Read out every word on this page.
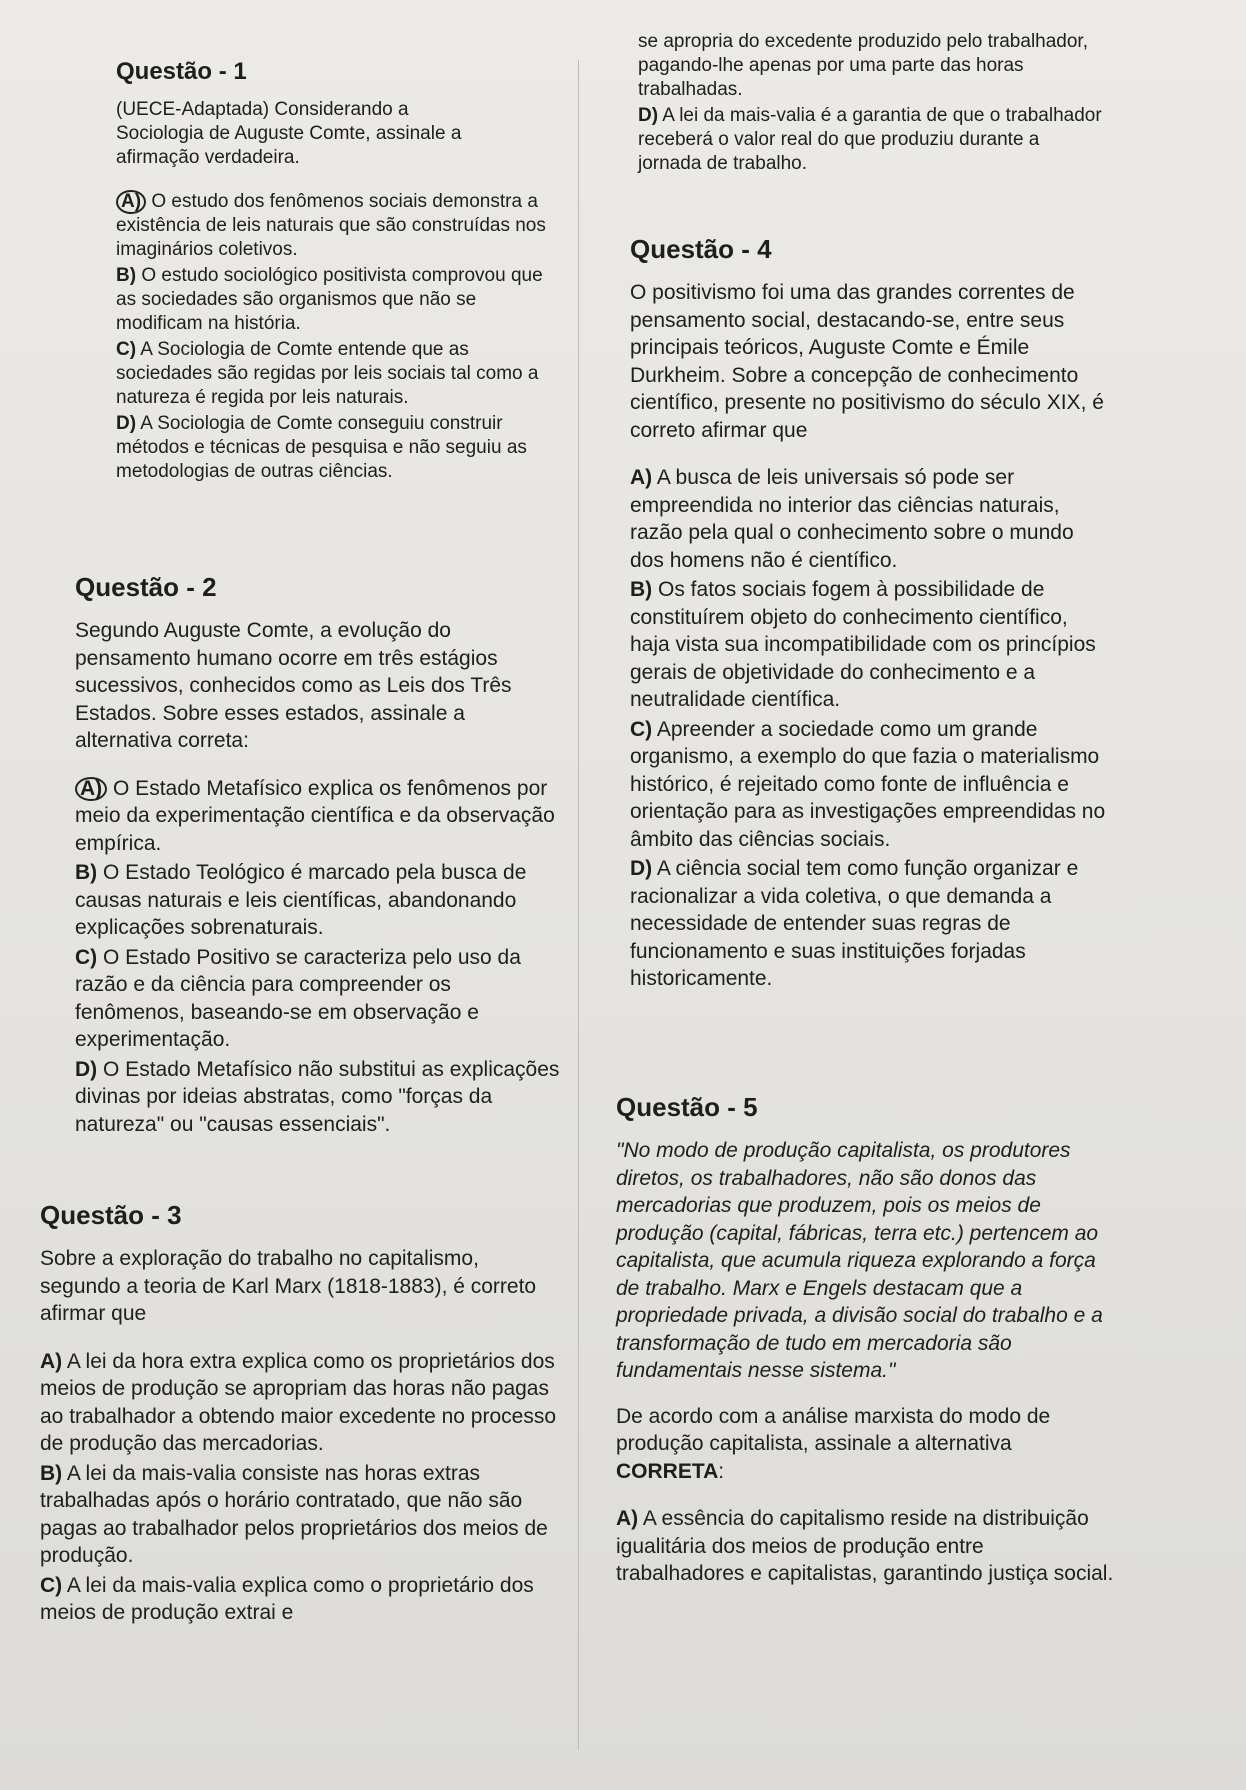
Questão - 1

(UECE-Adaptada) Considerando a

Sociologia de Auguste Comte, assinale a

afirmação verdadeira.

A) O estudo dos fenômenos sociais demonstra a existência de leis naturais que são construídas nos imaginários coletivos.

B) O estudo sociológico positivista comprovou que as sociedades são organismos que não se modificam na história.

C) A Sociologia de Comte entende que as sociedades são regidas por leis sociais tal como a natureza é regida por leis naturais.

D) A Sociologia de Comte conseguiu construir métodos e técnicas de pesquisa e não seguiu as metodologias de outras ciências.

Questão - 2

Segundo Auguste Comte, a evolução do pensamento humano ocorre em três estágios sucessivos, conhecidos como as Leis dos Três Estados. Sobre esses estados, assinale a alternativa correta:

A) O Estado Metafísico explica os fenômenos por meio da experimentação científica e da observação empírica.

B) O Estado Teológico é marcado pela busca de causas naturais e leis científicas, abandonando explicações sobrenaturais.

C) O Estado Positivo se caracteriza pelo uso da razão e da ciência para compreender os fenômenos, baseando-se em observação e experimentação.

D) O Estado Metafísico não substitui as explicações divinas por ideias abstratas, como "forças da natureza" ou "causas essenciais".

Questão - 3

Sobre a exploração do trabalho no capitalismo, segundo a teoria de Karl Marx (1818-1883), é correto afirmar que

A) A lei da hora extra explica como os proprietários dos meios de produção se apropriam das horas não pagas ao trabalhador a obtendo maior excedente no processo de produção das mercadorias.

B) A lei da mais-valia consiste nas horas extras trabalhadas após o horário contratado, que não são pagas ao trabalhador pelos proprietários dos meios de produção.

C) A lei da mais-valia explica como o proprietário dos meios de produção extrai e

se apropria do excedente produzido pelo trabalhador, pagando-lhe apenas por uma parte das horas trabalhadas.

D) A lei da mais-valia é a garantia de que o trabalhador receberá o valor real do que produziu durante a jornada de trabalho.

Questão - 4

O positivismo foi uma das grandes correntes de pensamento social, destacando-se, entre seus principais teóricos, Auguste Comte e Émile Durkheim. Sobre a concepção de conhecimento científico, presente no positivismo do século XIX, é correto afirmar que

A) A busca de leis universais só pode ser empreendida no interior das ciências naturais, razão pela qual o conhecimento sobre o mundo dos homens não é científico.

B) Os fatos sociais fogem à possibilidade de constituírem objeto do conhecimento científico, haja vista sua incompatibilidade com os princípios gerais de objetividade do conhecimento e a neutralidade científica.

C) Apreender a sociedade como um grande organismo, a exemplo do que fazia o materialismo histórico, é rejeitado como fonte de influência e orientação para as investigações empreendidas no âmbito das ciências sociais.

D) A ciência social tem como função organizar e racionalizar a vida coletiva, o que demanda a necessidade de entender suas regras de funcionamento e suas instituições forjadas historicamente.

Questão - 5

"No modo de produção capitalista, os produtores diretos, os trabalhadores, não são donos das mercadorias que produzem, pois os meios de produção (capital, fábricas, terra etc.) pertencem ao capitalista, que acumula riqueza explorando a força de trabalho. Marx e Engels destacam que a propriedade privada, a divisão social do trabalho e a transformação de tudo em mercadoria são fundamentais nesse sistema."

De acordo com a análise marxista do modo de produção capitalista, assinale a alternativa CORRETA:

A) A essência do capitalismo reside na distribuição igualitária dos meios de produção entre trabalhadores e capitalistas, garantindo justiça social.
